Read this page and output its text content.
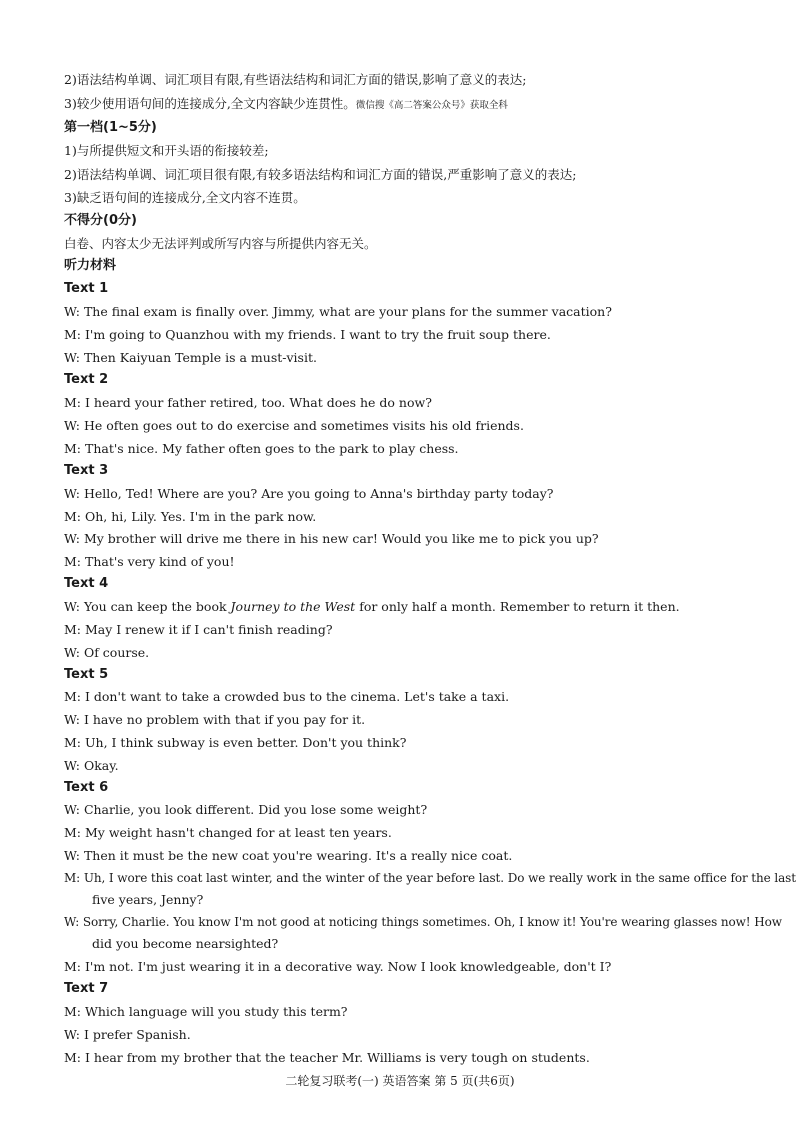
2)语法结构单调、词汇项目有限,有些语法结构和词汇方面的错误,影响了意义的表达;
3)较少使用语句间的连接成分,全文内容缺少连贯性。微信搜《高二答案公众号》获取全科
第一档(1~5分)
1)与所提供短文和开头语的衔接较差;
2)语法结构单调、词汇项目很有限,有较多语法结构和词汇方面的错误,严重影响了意义的表达;
3)缺乏语句间的连接成分,全文内容不连贯。
不得分(0分)
白卷、内容太少无法评判或所写内容与所提供内容无关。
听力材料
Text 1
W: The final exam is finally over. Jimmy, what are your plans for the summer vacation?
M: I'm going to Quanzhou with my friends. I want to try the fruit soup there.
W: Then Kaiyuan Temple is a must-visit.
Text 2
M: I heard your father retired, too. What does he do now?
W: He often goes out to do exercise and sometimes visits his old friends.
M: That's nice. My father often goes to the park to play chess.
Text 3
W: Hello, Ted! Where are you? Are you going to Anna's birthday party today?
M: Oh, hi, Lily. Yes. I'm in the park now.
W: My brother will drive me there in his new car! Would you like me to pick you up?
M: That's very kind of you!
Text 4
W: You can keep the book Journey to the West for only half a month. Remember to return it then.
M: May I renew it if I can't finish reading?
W: Of course.
Text 5
M: I don't want to take a crowded bus to the cinema. Let's take a taxi.
W: I have no problem with that if you pay for it.
M: Uh, I think subway is even better. Don't you think?
W: Okay.
Text 6
W: Charlie, you look different. Did you lose some weight?
M: My weight hasn't changed for at least ten years.
W: Then it must be the new coat you're wearing. It's a really nice coat.
M: Uh, I wore this coat last winter, and the winter of the year before last. Do we really work in the same office for the last
five years, Jenny?
W: Sorry, Charlie. You know I'm not good at noticing things sometimes. Oh, I know it! You're wearing glasses now! How
did you become nearsighted?
M: I'm not. I'm just wearing it in a decorative way. Now I look knowledgeable, don't I?
Text 7
M: Which language will you study this term?
W: I prefer Spanish.
M: I hear from my brother that the teacher Mr. Williams is very tough on students.
二轮复习联考(一) 英语答案 第 5 页(共6页)
